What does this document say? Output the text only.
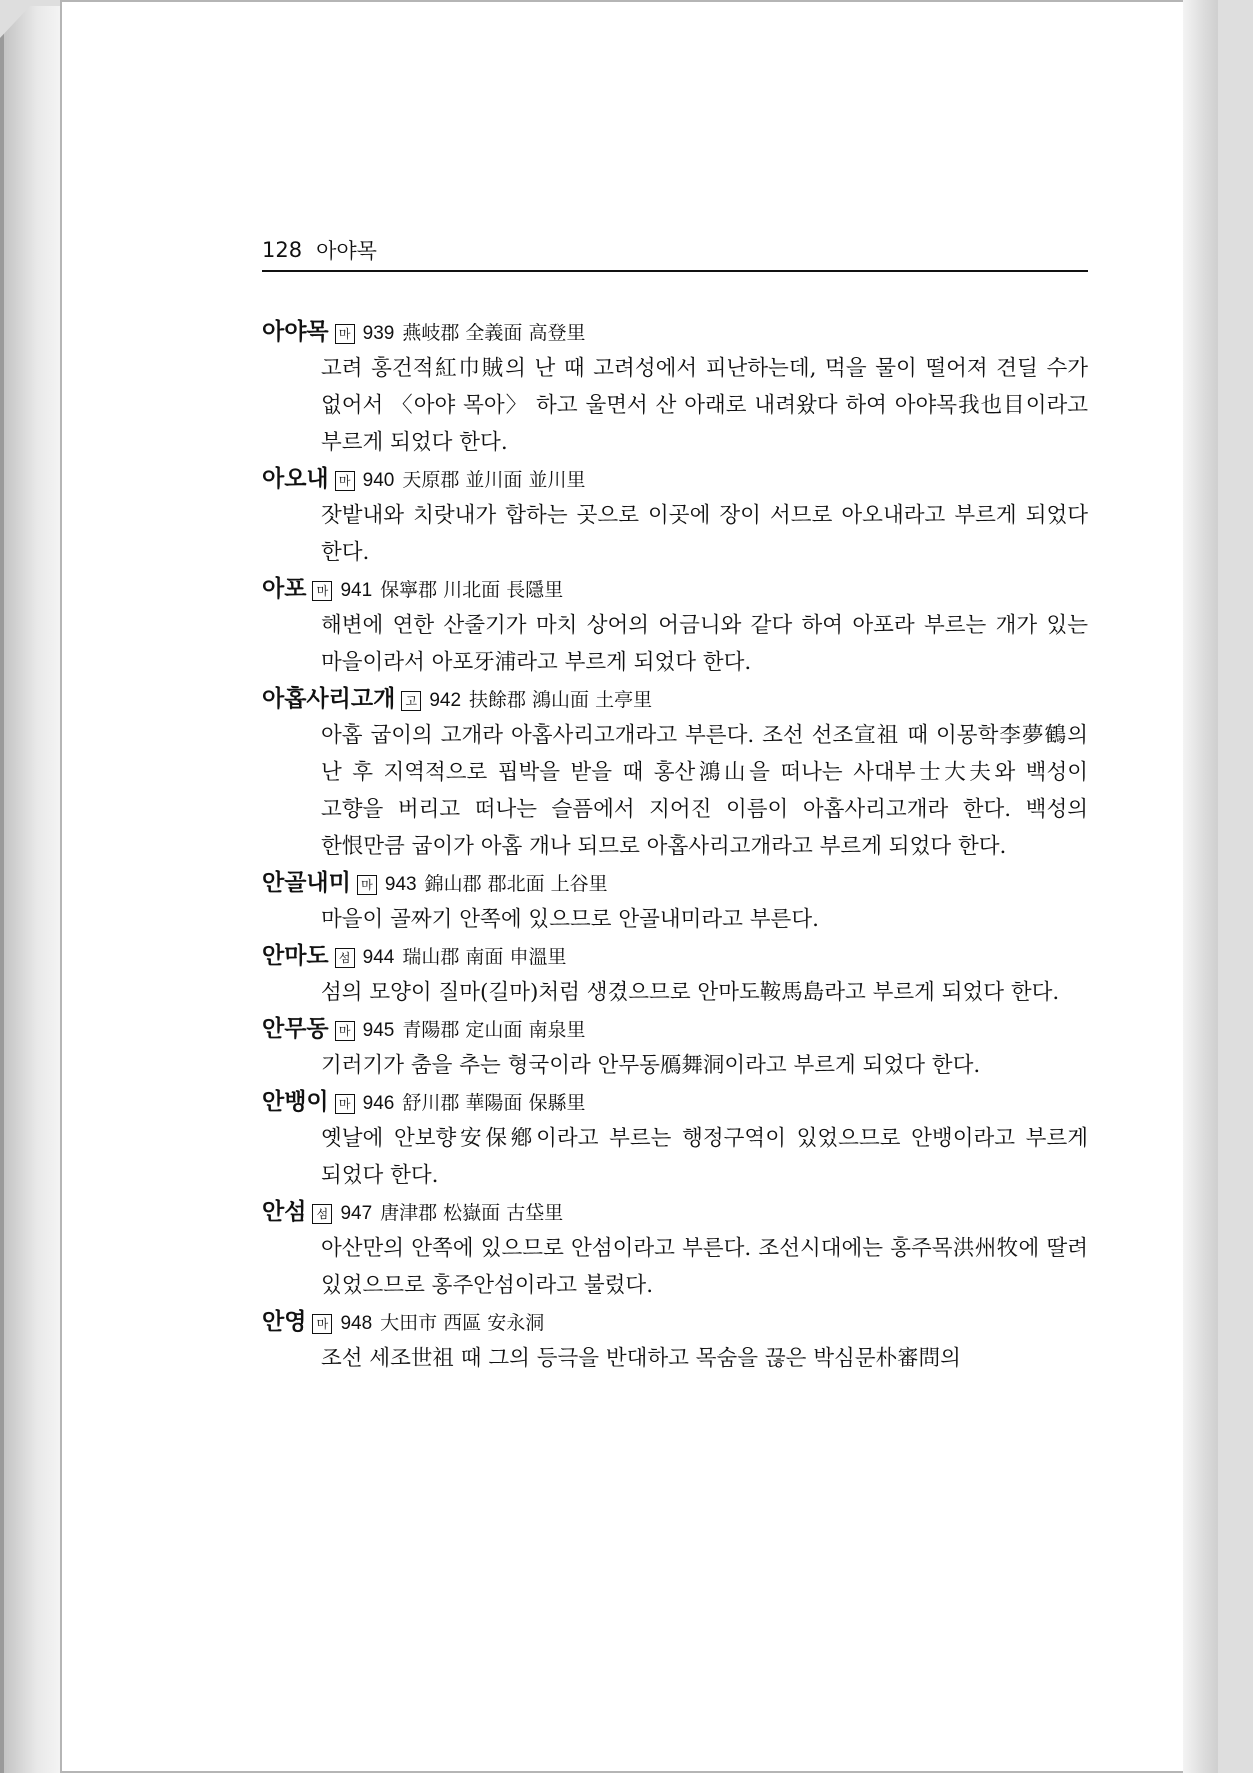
128 아야목
아야목 마 939 燕岐郡 全義面 高登里

고려 홍건적紅巾賊의 난 때 고려성에서 피난하는데, 먹을 물이 떨어져 견딜 수가 없어서 〈아야 목아〉 하고 울면서 산 아래로 내려왔다 하여 아야목我也目이라고 부르게 되었다 한다.

아오내 마 940 天原郡 並川面 並川里

잣밭내와 치랏내가 합하는 곳으로 이곳에 장이 서므로 아오내라고 부르게 되었다 한다.

아포 마 941 保寧郡 川北面 長隱里

해변에 연한 산줄기가 마치 상어의 어금니와 같다 하여 아포라 부르는 개가 있는 마을이라서 아포牙浦라고 부르게 되었다 한다.

아홉사리고개 고 942 扶餘郡 鴻山面 土亭里

아홉 굽이의 고개라 아홉사리고개라고 부른다. 조선 선조宣祖 때 이몽학李夢鶴의 난 후 지역적으로 핍박을 받을 때 홍산鴻山을 떠나는 사대부士大夫와 백성이 고향을 버리고 떠나는 슬픔에서 지어진 이름이 아홉사리고개라 한다. 백성의 한恨만큼 굽이가 아홉 개나 되므로 아홉사리고개라고 부르게 되었다 한다.

안골내미 마 943 錦山郡 郡北面 上谷里

마을이 골짜기 안쪽에 있으므로 안골내미라고 부른다.

안마도 섬 944 瑞山郡 南面 申溫里

섬의 모양이 질마(길마)처럼 생겼으므로 안마도鞍馬島라고 부르게 되었다 한다.

안무동 마 945 青陽郡 定山面 南泉里

기러기가 춤을 추는 형국이라 안무동鴈舞洞이라고 부르게 되었다 한다.

안뱅이 마 946 舒川郡 華陽面 保縣里

옛날에 안보향安保鄕이라고 부르는 행정구역이 있었으므로 안뱅이라고 부르게 되었다 한다.

안섬 섬 947 唐津郡 松嶽面 古垈里

아산만의 안쪽에 있으므로 안섬이라고 부른다. 조선시대에는 홍주목洪州牧에 딸려 있었으므로 홍주안섬이라고 불렀다.

안영 마 948 大田市 西區 安永洞

조선 세조世祖 때 그의 등극을 반대하고 목숨을 끊은 박심문朴審問의
